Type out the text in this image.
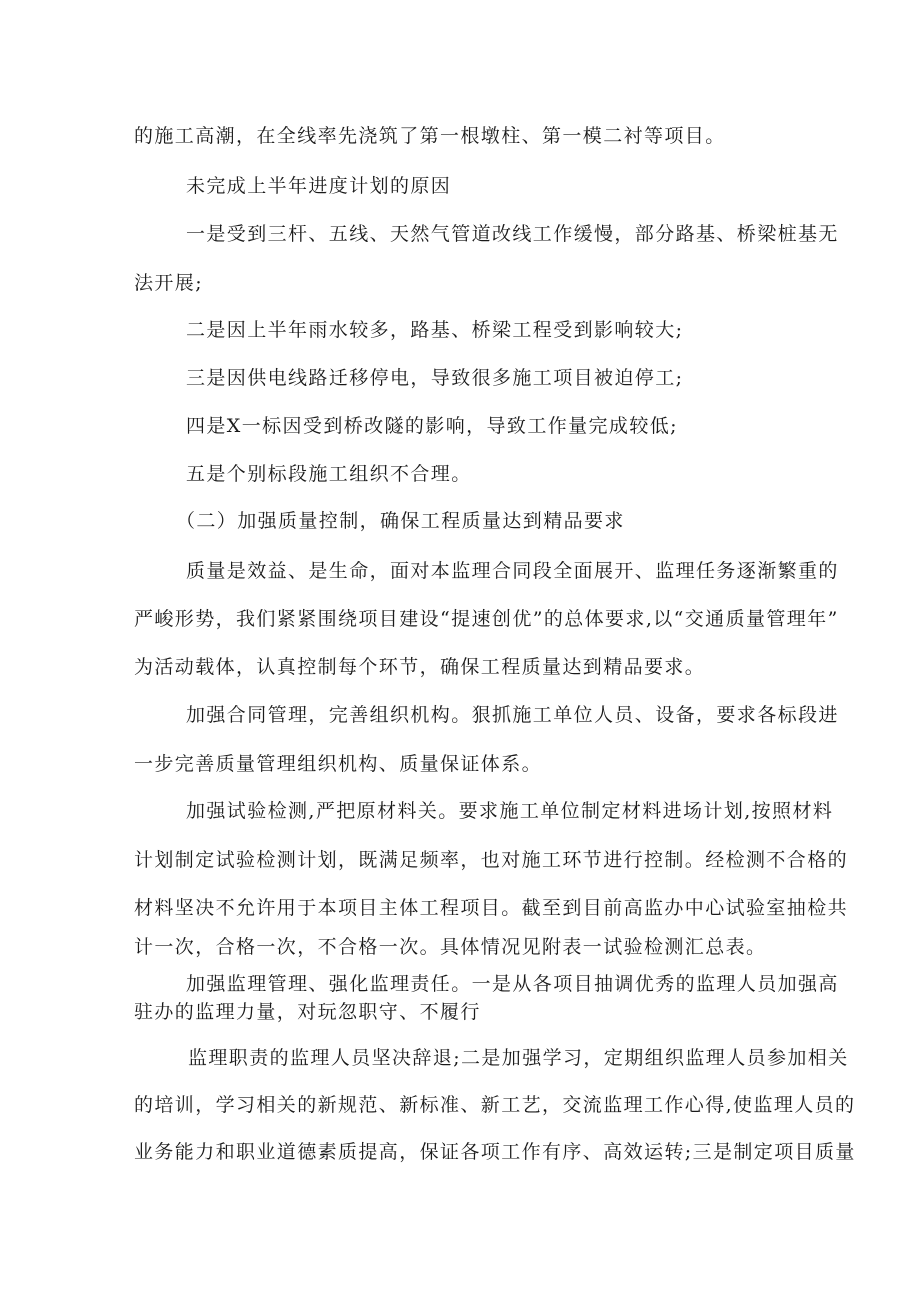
的施工高潮，在全线率先浇筑了第一根墩柱、第一模二衬等项目。

未完成上半年进度计划的原因

一是受到三杆、五线、天然气管道改线工作缓慢，部分路基、桥梁桩基无

法开展;

二是因上半年雨水较多，路基、桥梁工程受到影响较大;

三是因供电线路迁移停电，导致很多施工项目被迫停工;

四是X一标因受到桥改隧的影响，导致工作量完成较低;

五是个别标段施工组织不合理。

（二）加强质量控制，确保工程质量达到精品要求

质量是效益、是生命，面对本监理合同段全面展开、监理任务逐渐繁重的

严峻形势，我们紧紧围绕项目建设“提速创优”的总体要求,以“交通质量管理年”

为活动载体，认真控制每个环节，确保工程质量达到精品要求。

加强合同管理，完善组织机构。狠抓施工单位人员、设备，要求各标段进

一步完善质量管理组织机构、质量保证体系。

加强试验检测,严把原材料关。要求施工单位制定材料进场计划,按照材料

计划制定试验检测计划，既满足频率，也对施工环节进行控制。经检测不合格的

材料坚决不允许用于本项目主体工程项目。截至到目前高监办中心试验室抽检共

计一次，合格一次，不合格一次。具体情况见附表一试验检测汇总表。

加强监理管理、强化监理责任。一是从各项目抽调优秀的监理人员加强高

驻办的监理力量，对玩忽职守、不履行

监理职责的监理人员坚决辞退;二是加强学习，定期组织监理人员参加相关

的培训，学习相关的新规范、新标准、新工艺，交流监理工作心得,使监理人员的

业务能力和职业道德素质提高，保证各项工作有序、高效运转;三是制定项目质量
